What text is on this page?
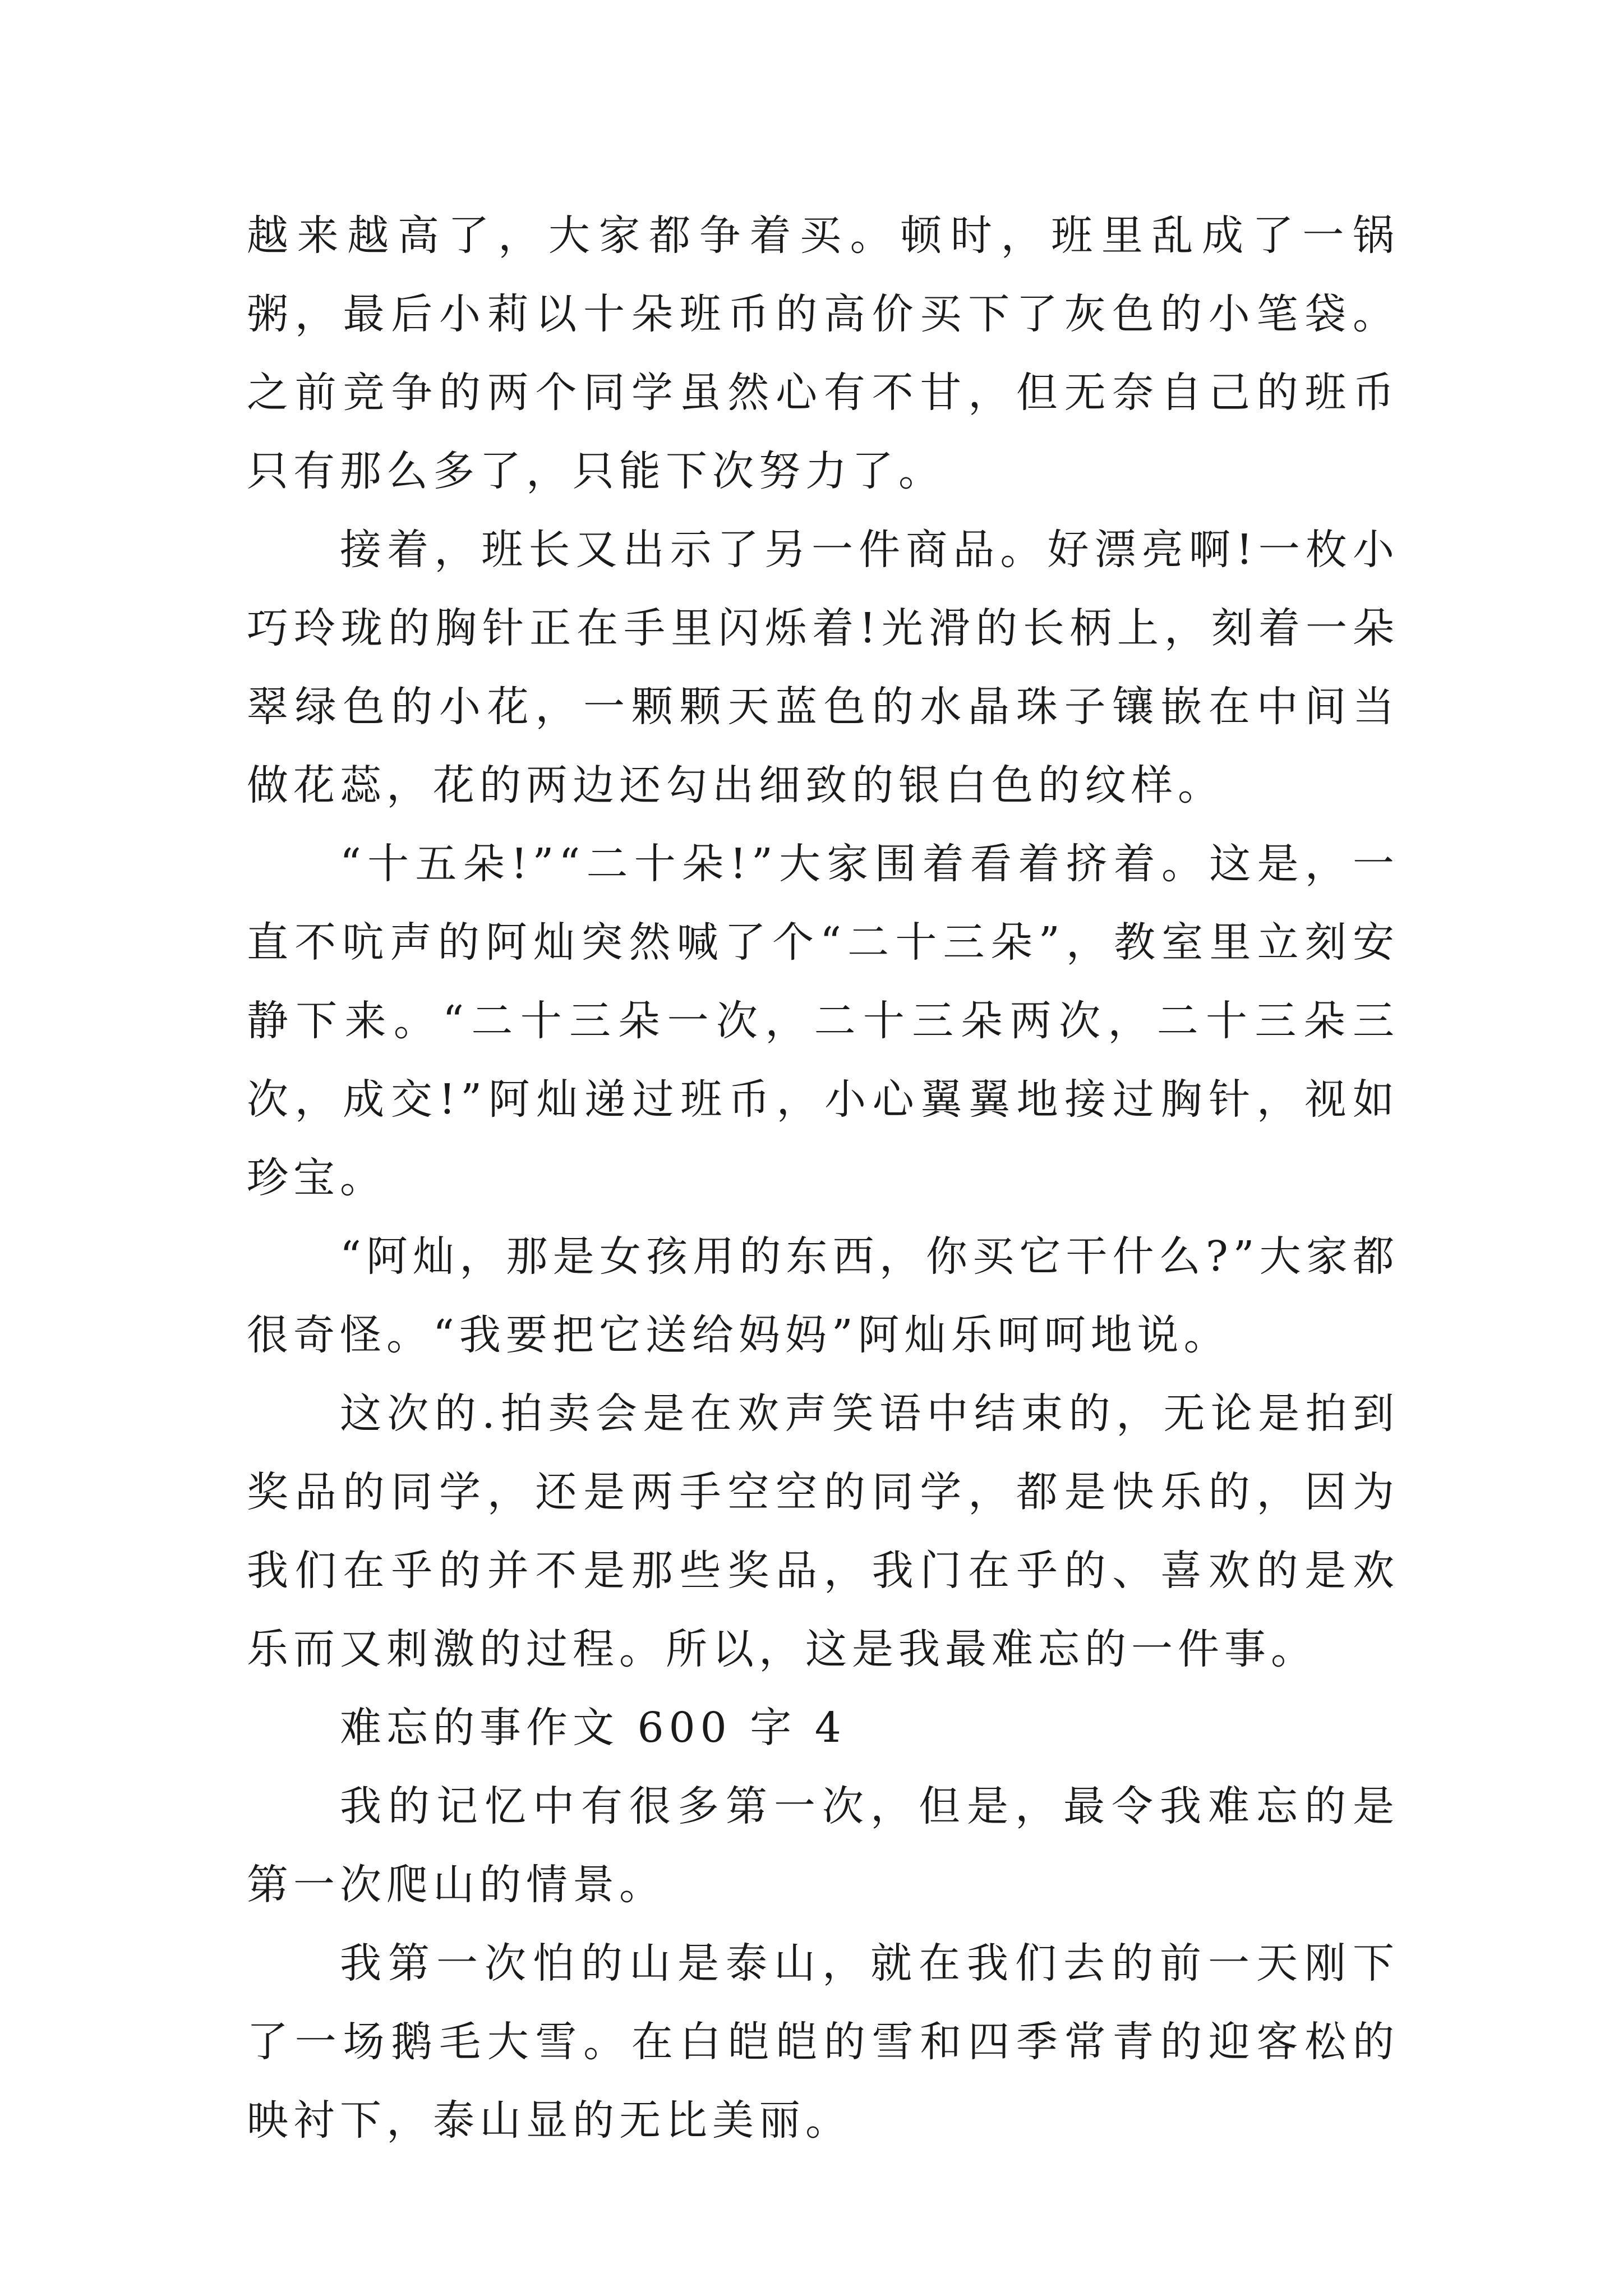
越来越高了，大家都争着买。顿时，班里乱成了一锅粥，最后小莉以十朵班币的高价买下了灰色的小笔袋。之前竞争的两个同学虽然心有不甘，但无奈自己的班币只有那么多了，只能下次努力了。

接着，班长又出示了另一件商品。好漂亮啊!一枚小巧玲珑的胸针正在手里闪烁着!光滑的长柄上，刻着一朵翠绿色的小花，一颗颗天蓝色的水晶珠子镶嵌在中间当做花蕊，花的两边还勾出细致的银白色的纹样。

“十五朵!”“二十朵!”大家围着看着挤着。这是，一直不吭声的阿灿突然喊了个“二十三朵”，教室里立刻安静下来。“二十三朵一次，二十三朵两次，二十三朵三次，成交!”阿灿递过班币，小心翼翼地接过胸针，视如珍宝。

“阿灿，那是女孩用的东西，你买它干什么?”大家都很奇怪。“我要把它送给妈妈”阿灿乐呵呵地说。

这次的.拍卖会是在欢声笑语中结束的，无论是拍到奖品的同学，还是两手空空的同学，都是快乐的，因为我们在乎的并不是那些奖品，我门在乎的、喜欢的是欢乐而又刺激的过程。所以，这是我最难忘的一件事。

难忘的事作文 600 字 4

我的记忆中有很多第一次，但是，最令我难忘的是第一次爬山的情景。

我第一次怕的山是泰山，就在我们去的前一天刚下了一场鹅毛大雪。在白皑皑的雪和四季常青的迎客松的映衬下，泰山显的无比美丽。
